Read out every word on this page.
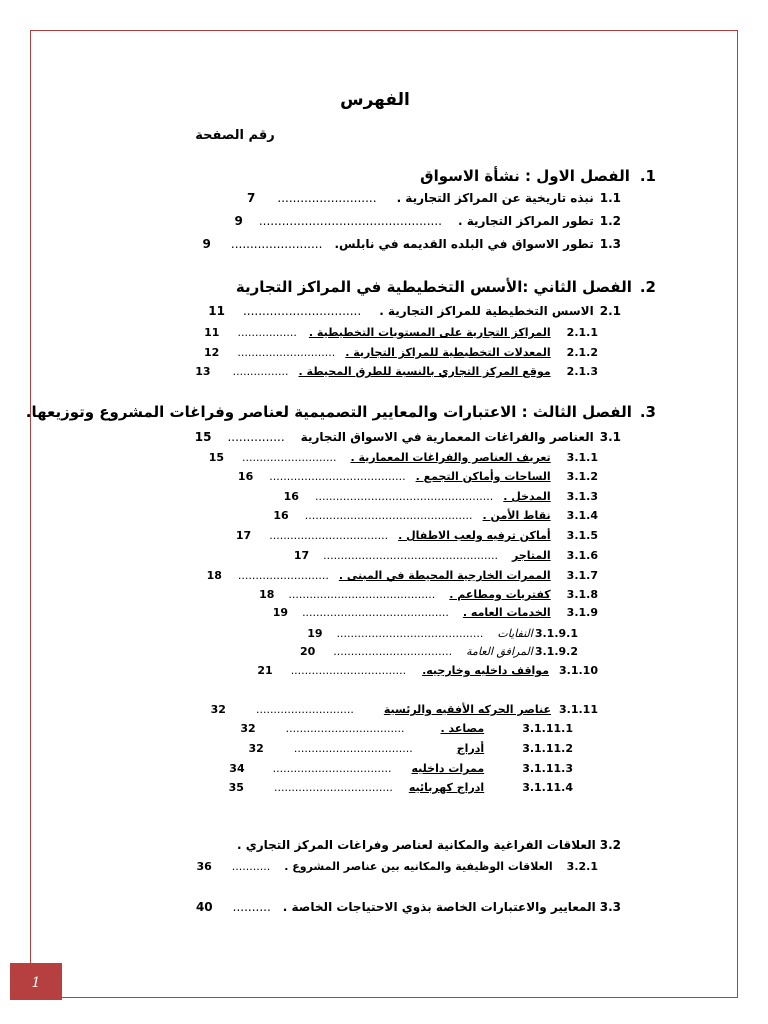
الفهرس
رقم الصفحة
.1
الفصل الاول : نشأة الاسواق
1.1
نبذه تاريخية عن المراكز التجارية .
..........................
7
1.2
تطور المراكز التجارية .
................................................
9
1.3
تطور الاسواق في البلده القديمه في نابلس.
........................
9
.2
الفصل الثاني :الأسس التخطيطية في المراكز التجارية
2.1
الاسس التخطيطية للمراكز التجارية .
...............................
11
2.1.1
المراكز التجارية على المستويات التخطيطية .
.................
11
2.1.2
المعدلات التخطيطية للمراكز التجارية .
............................
12
2.1.3
موقع المركز التجاري بالنسبة للطرق المحيطة .
................
13
.3
الفصل الثالث : الاعتبارات والمعايير التصميمية لعناصر وفراغات المشروع وتوزيعها.
3.1
العناصر والفراغات المعمارية في الاسواق التجارية
...............
15
3.1.1
تعريف العناصر والفراغات المعمارية .
...........................
15
3.1.2
الساحات وأماكن التجمع .
.......................................
16
3.1.3
المدخل .
...................................................
16
3.1.4
نقاط الأمن .
................................................
16
3.1.5
أماكن ترفيه ولعب الاطفال .
..................................
17
3.1.6
المتاجر
..................................................
17
3.1.7
الممرات الخارجية المحيطة في المبنى .
..........................
18
3.1.8
كفتريات ومطاعم .
..........................................
18
3.1.9
الخدمات العامه .
..........................................
19
3.1.9.1
النفايات
..........................................
19
3.1.9.2
المرافق العامة
..................................
20
3.1.10
مواقف داخليه وخارجيه.
.................................
21
3.1.11
عناصر الحركه الأفقيه والرئسية
............................
32
3.1.11.1
مصاعد .
..................................
32
3.1.11.2
أدراج
..................................
32
3.1.11.3
ممرات داخليه
..................................
34
3.1.11.4
ادراج كهربائيه
..................................
35
3.2
العلاقات الفراغية والمكانية لعناصر وفراغات المركز التجاري .
3.2.1
العلاقات الوظيفية والمكانيه بين عناصر المشروع .
...........
36
3.3
المعايير والاعتبارات الخاصة بذوي الاحتياجات الخاصة .
..........
40
1
